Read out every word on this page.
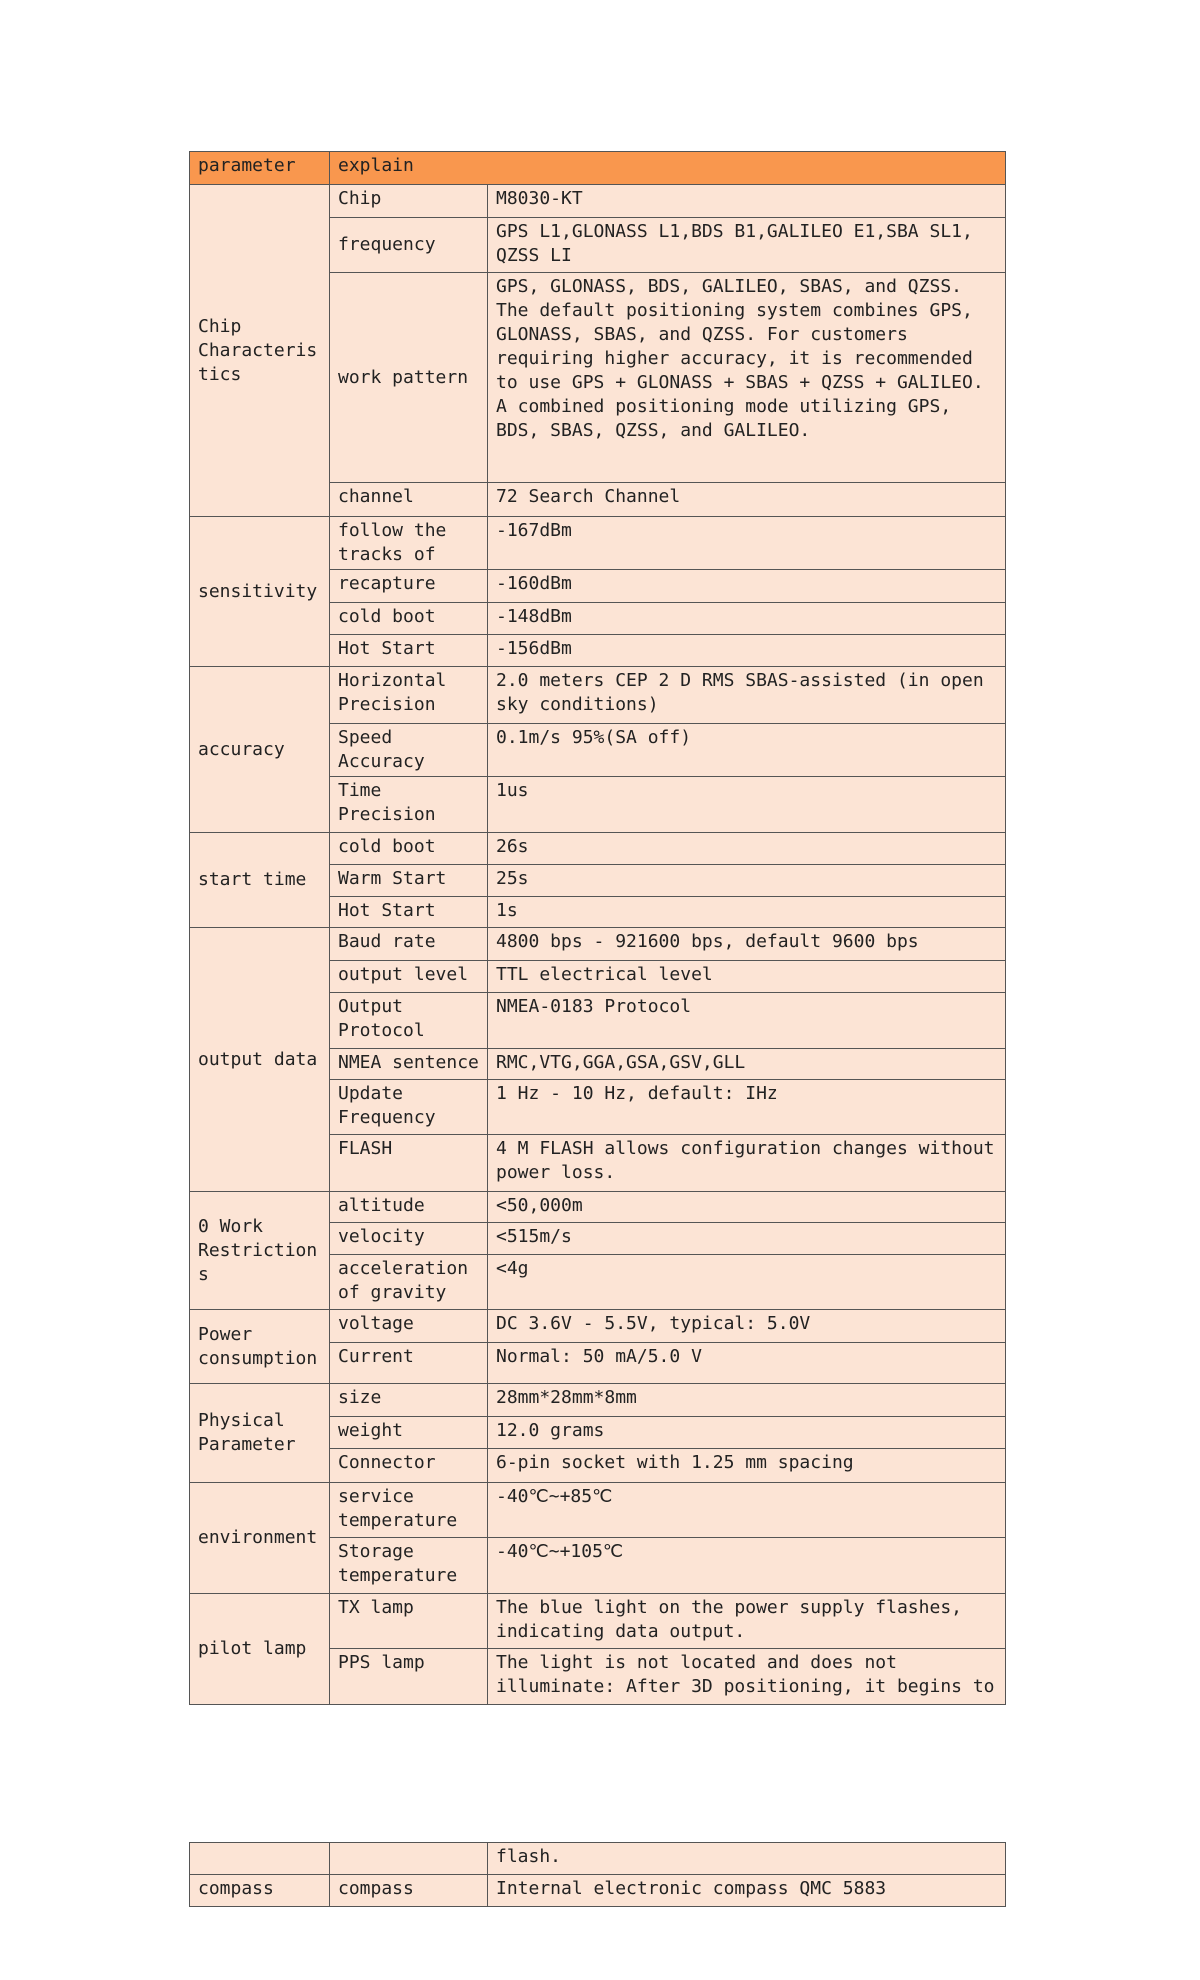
parameter	explain	
Chip Characteristics	Chip	M8030-KT
	frequency	GPS L1,GLONASS L1,BDS B1,GALILEO E1,SBA SL1, QZSS LI
	work pattern	GPS, GLONASS, BDS, GALILEO, SBAS, and QZSS. The default positioning system combines GPS, GLONASS, SBAS, and QZSS. For customers requiring higher accuracy, it is recommended to use GPS + GLONASS + SBAS + QZSS + GALILEO.
A combined positioning mode utilizing GPS, BDS, SBAS, QZSS, and GALILEO.

	channel	72 Search Channel
sensitivity	follow the tracks of	-167dBm
	recapture	-160dBm
	cold boot	-148dBm
	Hot Start	-156dBm
accuracy	Horizontal Precision	2.0 meters CEP 2 D RMS SBAS-assisted (in open sky conditions)
	Speed Accuracy	0.1m/s 95%(SA off)
	Time Precision	1us
start time	cold boot	26s
	Warm Start	25s
	Hot Start	1s
output data	Baud rate	4800 bps - 921600 bps, default 9600 bps
	output level	TTL electrical level
	Output Protocol	NMEA-0183 Protocol
	NMEA sentence	RMC,VTG,GGA,GSA,GSV,GLL
	Update Frequency	1 Hz - 10 Hz, default: IHz
	FLASH	4 M FLASH allows configuration changes without power loss.
0 Work Restrictions	altitude	<50,000m
	velocity	<515m/s
	acceleration of gravity	<4g
Power consumption	voltage	DC 3.6V - 5.5V, typical: 5.0V
	Current	Normal: 50 mA/5.0 V
Physical Parameter	size	28mm*28mm*8mm
	weight	12.0 grams
	Connector	6-pin socket with 1.25 mm spacing
environment	service temperature	-40℃~+85℃
	Storage temperature	-40℃~+105℃
pilot lamp	TX lamp	The blue light on the power supply flashes, indicating data output.
	PPS lamp	The light is not located and does not illuminate: After 3D positioning, it begins to
		flash.
compass	compass	Internal electronic compass QMC 5883
